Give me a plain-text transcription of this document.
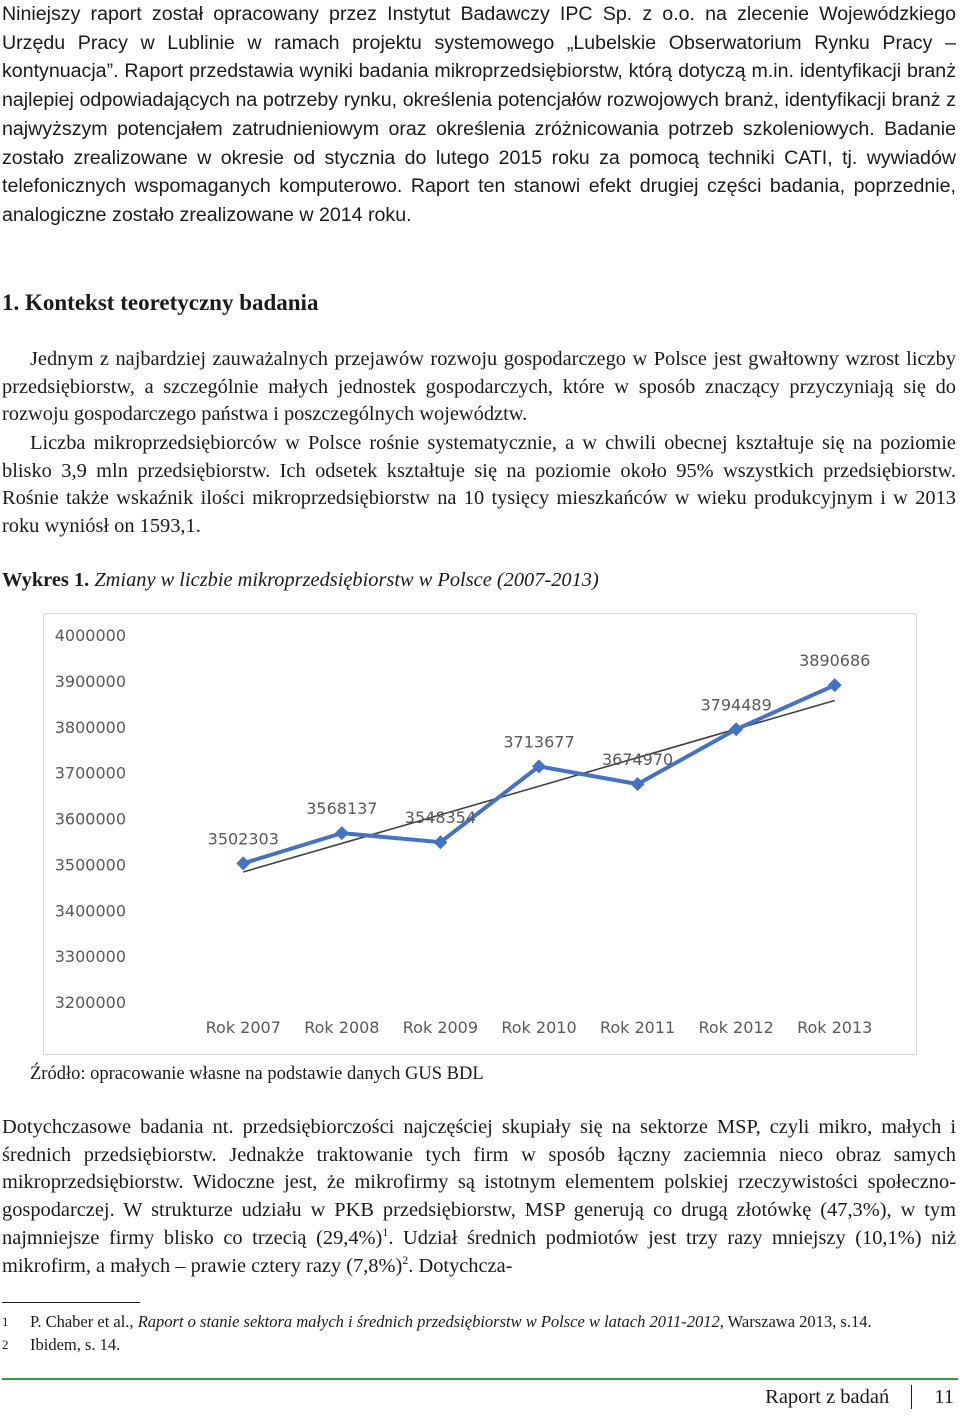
Niniejszy raport został opracowany przez Instytut Badawczy IPC Sp. z o.o. na zlecenie Wojewódzkiego Urzędu Pracy w Lublinie w ramach projektu systemowego „Lubelskie Obserwatorium Rynku Pracy – kontynuacja”. Raport przedstawia wyniki badania mikroprzedsiębiorstw, którą dotyczą m.in. identyfikacji branż najlepiej odpowiadających na potrzeby rynku, określenia potencjałów rozwojowych branż, identyfikacji branż z najwyższym potencjałem zatrudnieniowym oraz określenia zróżnicowania potrzeb szkoleniowych. Badanie zostało zrealizowane w okresie od stycznia do lutego 2015 roku za pomocą techniki CATI, tj. wywiadów telefonicznych wspomaganych komputerowo. Raport ten stanowi efekt drugiej części badania, poprzednie, analogiczne zostało zrealizowane w 2014 roku.

1. Kontekst teoretyczny badania

Jednym z najbardziej zauważalnych przejawów rozwoju gospodarczego w Polsce jest gwałtowny wzrost liczby przedsiębiorstw, a szczególnie małych jednostek gospodarczych, które w sposób znaczący przyczyniają się do rozwoju gospodarczego państwa i poszczególnych województw.

Liczba mikroprzedsiębiorców w Polsce rośnie systematycznie, a w chwili obecnej kształtuje się na poziomie blisko 3,9 mln przedsiębiorstw. Ich odsetek kształtuje się na poziomie około 95% wszystkich przedsiębiorstw. Rośnie także wskaźnik ilości mikroprzedsiębiorstw na 10 tysięcy mieszkańców w wieku produkcyjnym i w 2013 roku wyniósł on 1593,1.

Wykres 1. Zmiany w liczbie mikroprzedsiębiorstw w Polsce (2007-2013)

3200000
3300000
3400000
3500000
3600000
3700000
3800000
3900000
4000000
Rok 2007 Rok 2008 Rok 2009 Rok 2010 Rok 2011 Rok 2012 Rok 2013
3502303
3568137 3548354
3713677
3674970
3794489
3890686

Źródło: opracowanie własne na podstawie danych GUS BDL

Dotychczasowe badania nt. przedsiębiorczości najczęściej skupiały się na sektorze MSP, czyli mikro, małych i średnich przedsiębiorstw. Jednakże traktowanie tych firm w sposób łączny zaciemnia nieco obraz samych mikroprzedsiębiorstw. Widoczne jest, że mikrofirmy są istotnym elementem polskiej rzeczywistości społeczno-gospodarczej. W strukturze udziału w PKB przedsiębiorstw, MSP generują co drugą złotówkę (47,3%), w tym najmniejsze firmy blisko co trzecią $(29,4\%)^1$. Udział średnich podmiotów jest trzy razy mniejszy (10,1%) niż mikrofirm, a małych – prawie cztery razy $(7,8\%)^2$. Dotychcza-

1 P. Chaber et al., Raport o stanie sektora małych i średnich przedsiębiorstw w Polsce w latach 2011-2012, Warszawa 2013, s.14.

2 Ibidem, s. 14.

Raport z badań 11
